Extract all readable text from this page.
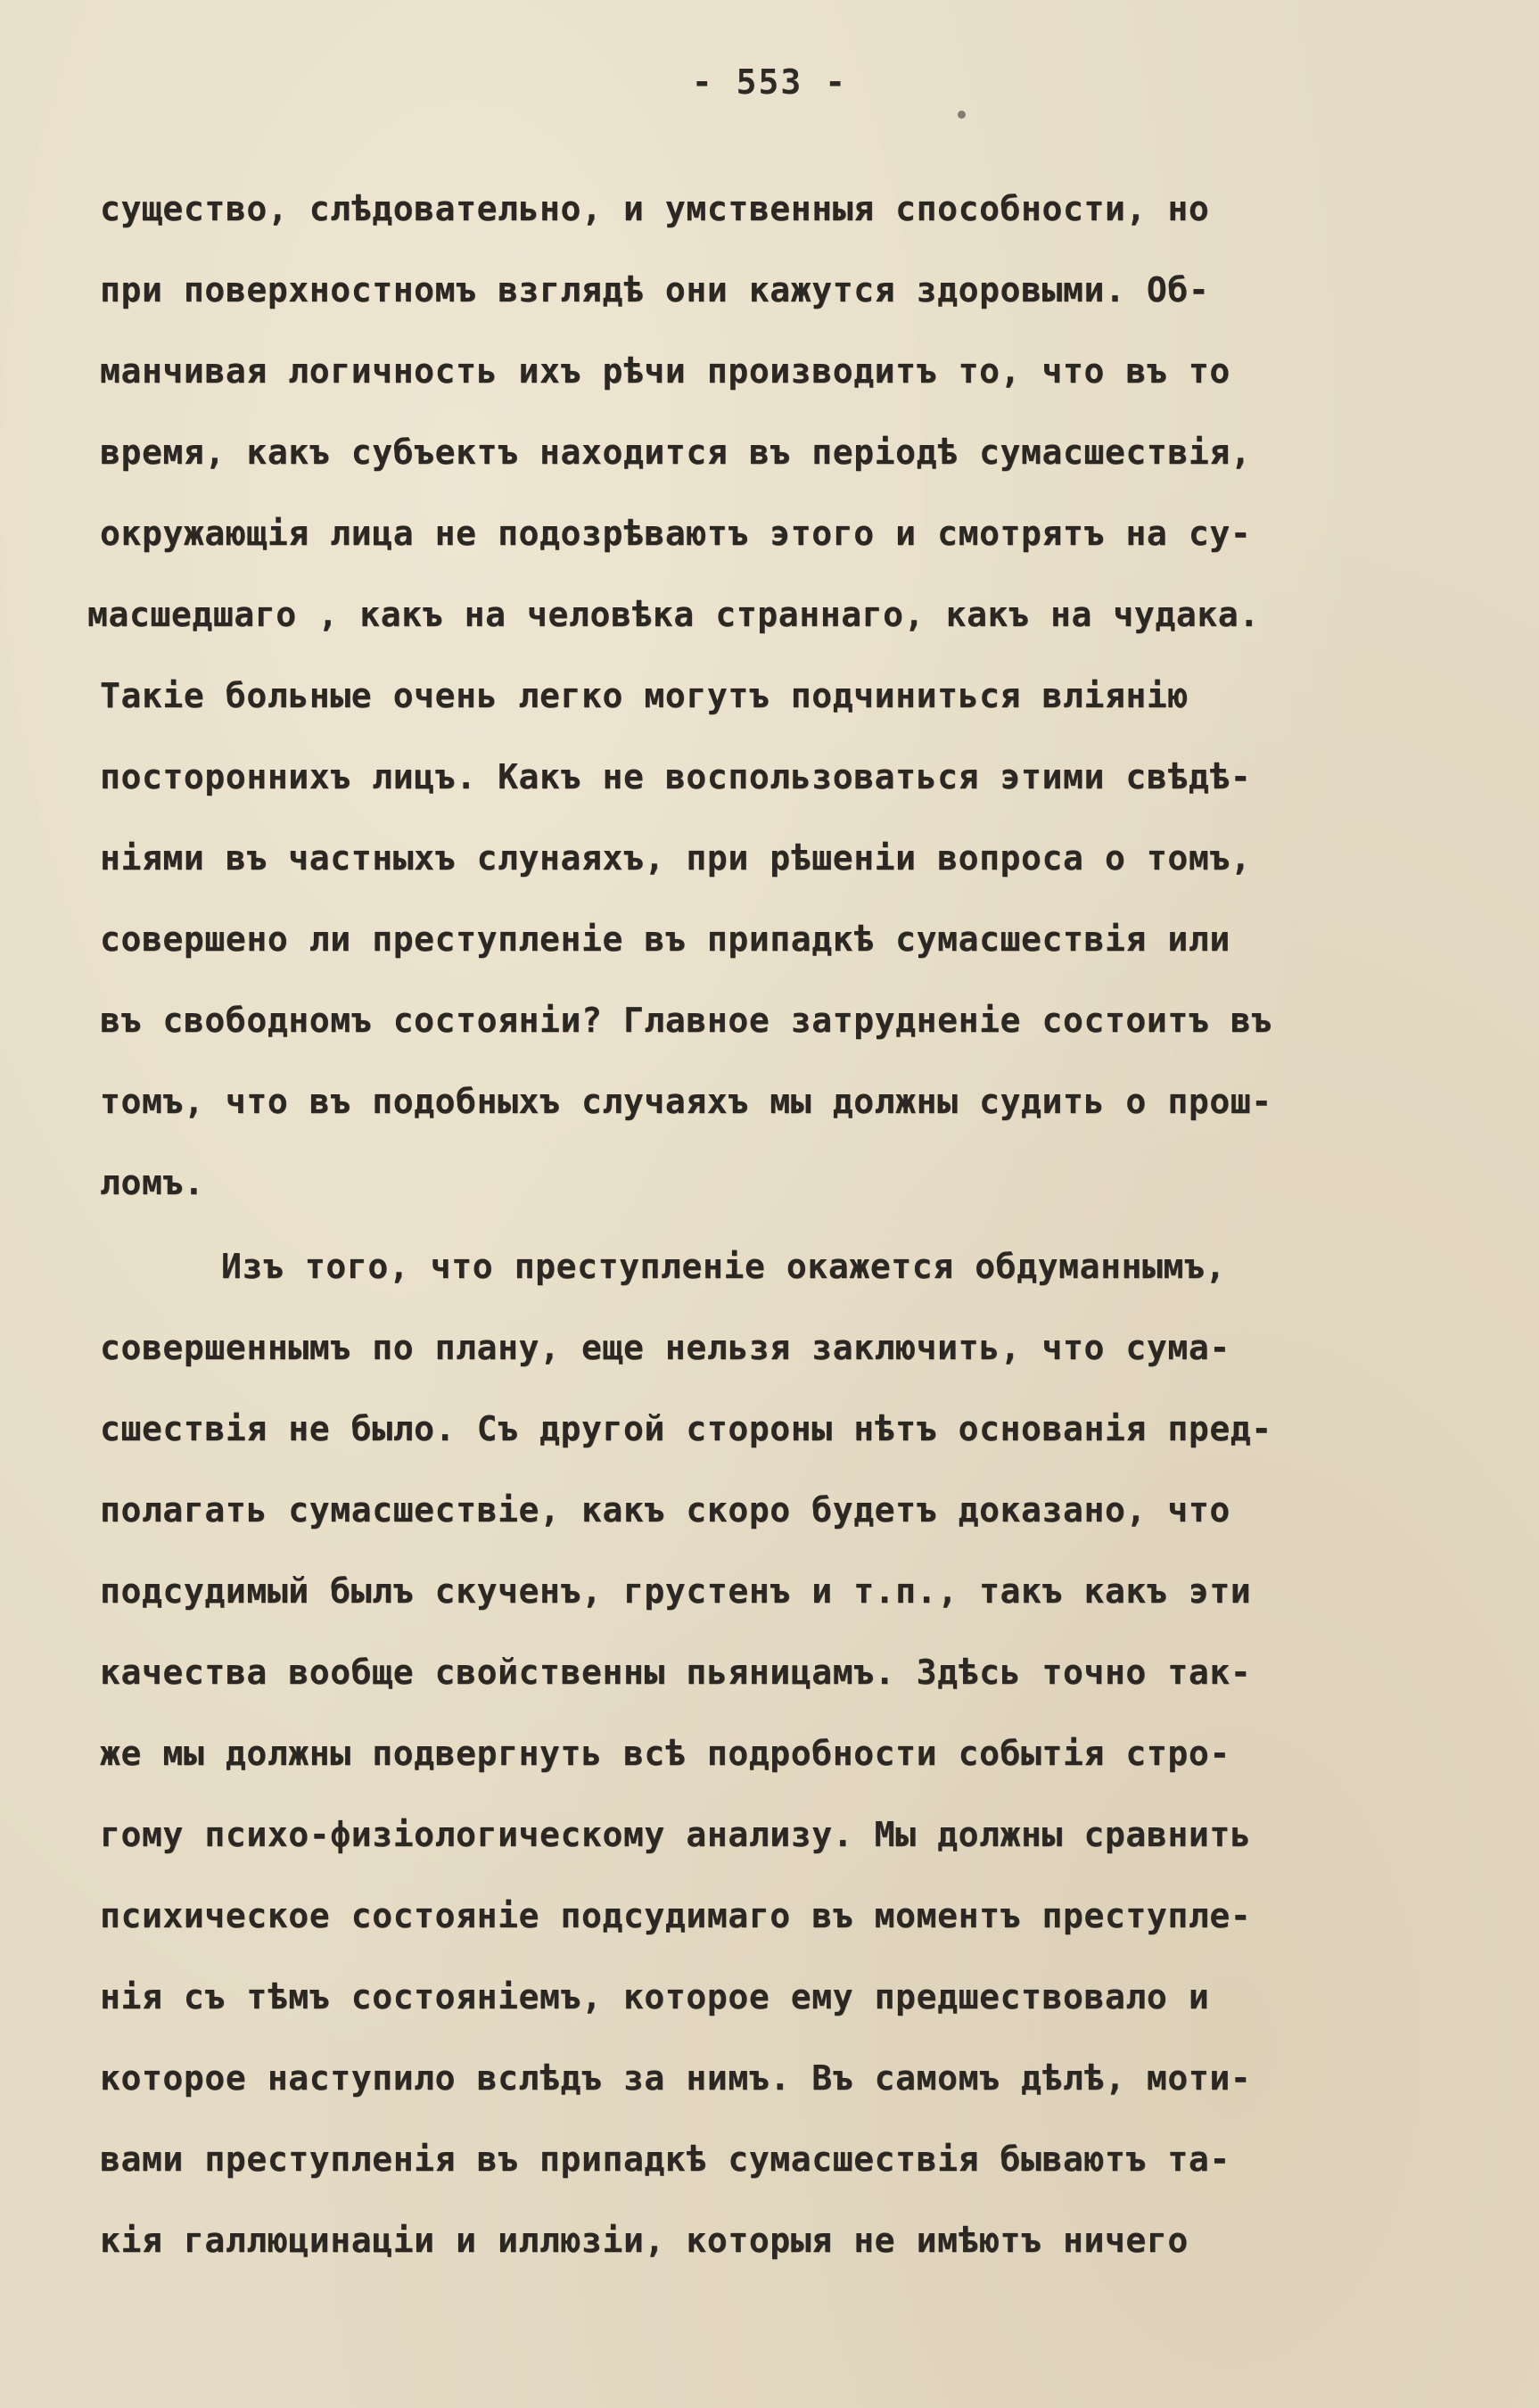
- 553 -
существо, слѣдовательно, и умственныя способности, но
при поверхностномъ взглядѣ они кажутся здоровыми. Об-
манчивая логичность ихъ рѣчи производитъ то, что въ то
время, какъ субъектъ находится въ періодѣ сумасшествія,
окружающія лица не подозрѣваютъ этого и смотрятъ на су-
масшедшаго , какъ на человѣка страннаго, какъ на чудака.
Такіе больные очень легко могутъ подчиниться вліянію
постороннихъ лицъ. Какъ не воспользоваться этими свѣдѣ-
ніями въ частныхъ слунаяхъ, при рѣшеніи вопроса о томъ,
совершено ли преступленіе въ припадкѣ сумасшествія или
въ свободномъ состояніи? Главное затрудненіе состоитъ въ
томъ, что въ подобныхъ случаяхъ мы должны судить о прош-
ломъ.
Изъ того, что преступленіе окажется обдуманнымъ,
совершеннымъ по плану, еще нельзя заключить, что сума-
сшествія не было. Съ другой стороны нѣтъ основанія пред-
полагать сумасшествіе, какъ скоро будетъ доказано, что
подсудимый былъ скученъ, грустенъ и т.п., такъ какъ эти
качества вообще свойственны пьяницамъ. Здѣсь точно так-
же мы должны подвергнуть всѣ подробности событія стро-
гому психо-физіологическому анализу. Мы должны сравнить
психическое состояніе подсудимаго въ моментъ преступле-
нія съ тѣмъ состояніемъ, которое ему предшествовало и
которое наступило вслѣдъ за нимъ. Въ самомъ дѣлѣ, моти-
вами преступленія въ припадкѣ сумасшествія бываютъ та-
кія галлюцинаціи и иллюзіи, которыя не имѣютъ ничего
